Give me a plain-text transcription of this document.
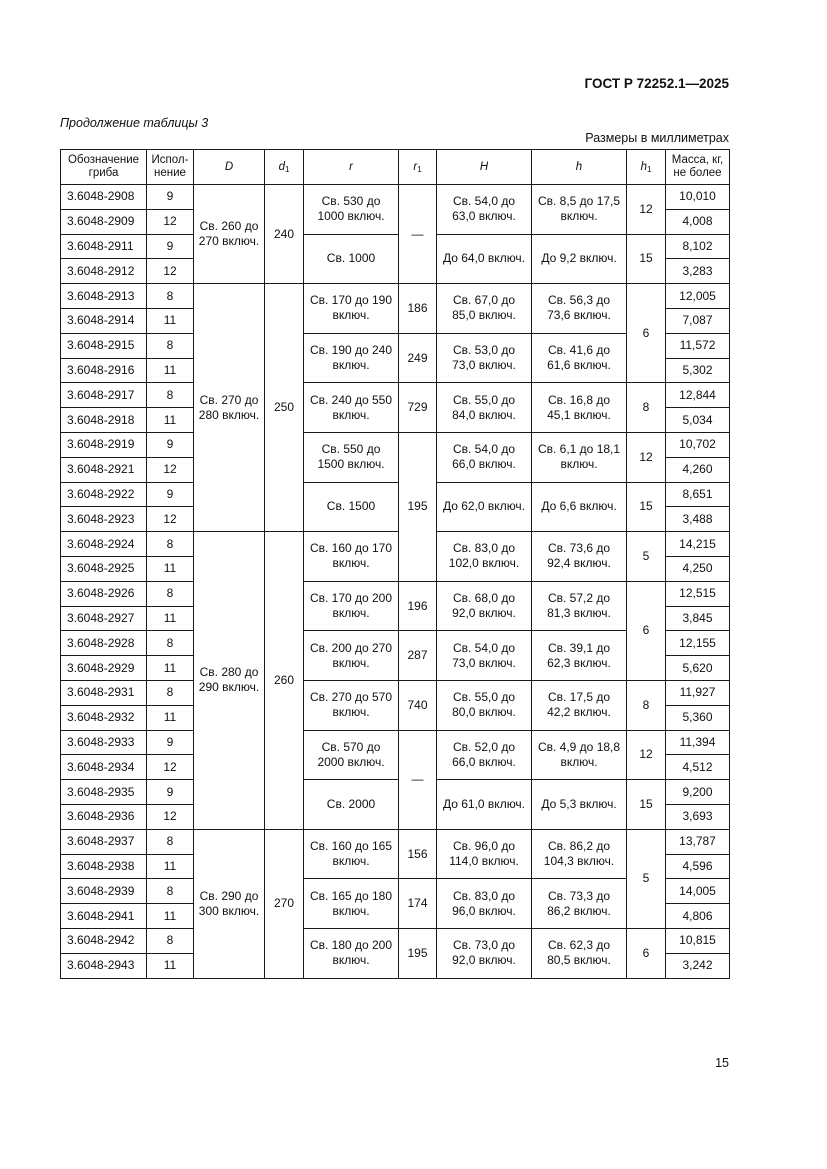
ГОСТ Р 72252.1—2025
Продолжение таблицы 3
Размеры в миллиметрах
Обозначение гриба	Испол-нение	D	$d_1$	r	$r_1$	H	h	$h_1$	Масса, кг, не более
3.6048-2908	9	Св. 260 до 270 включ.	240	Св. 530 до 1000 включ.	—	Св. 54,0 до 63,0 включ.	Св. 8,5 до 17,5 включ.	12	10,010
3.6048-2909	12								4,008
3.6048-2911	9			Св. 1000		До 64,0 включ.	До 9,2 включ.	15	8,102
3.6048-2912	12								3,283
3.6048-2913	8	Св. 270 до 280 включ.	250	Св. 170 до 190 включ.	186	Св. 67,0 до 85,0 включ.	Св. 56,3 до 73,6 включ.	6	12,005
3.6048-2914	11								7,087
3.6048-2915	8			Св. 190 до 240 включ.	249	Св. 53,0 до 73,0 включ.	Св. 41,6 до 61,6 включ.		11,572
3.6048-2916	11								5,302
3.6048-2917	8			Св. 240 до 550 включ.	729	Св. 55,0 до 84,0 включ.	Св. 16,8 до 45,1 включ.	8	12,844
3.6048-2918	11								5,034
3.6048-2919	9			Св. 550 до 1500 включ.	195	Св. 54,0 до 66,0 включ.	Св. 6,1 до 18,1 включ.	12	10,702
3.6048-2921	12								4,260
3.6048-2922	9			Св. 1500		До 62,0 включ.	До 6,6 включ.	15	8,651
3.6048-2923	12								3,488
3.6048-2924	8	Св. 280 до 290 включ.	260	Св. 160 до 170 включ.		Св. 83,0 до 102,0 включ.	Св. 73,6 до 92,4 включ.	5	14,215
3.6048-2925	11								4,250
3.6048-2926	8			Св. 170 до 200 включ.	196	Св. 68,0 до 92,0 включ.	Св. 57,2 до 81,3 включ.	6	12,515
3.6048-2927	11								3,845
3.6048-2928	8			Св. 200 до 270 включ.	287	Св. 54,0 до 73,0 включ.	Св. 39,1 до 62,3 включ.		12,155
3.6048-2929	11								5,620
3.6048-2931	8			Св. 270 до 570 включ.	740	Св. 55,0 до 80,0 включ.	Св. 17,5 до 42,2 включ.	8	11,927
3.6048-2932	11								5,360
3.6048-2933	9			Св. 570 до 2000 включ.	—	Св. 52,0 до 66,0 включ.	Св. 4,9 до 18,8 включ.	12	11,394
3.6048-2934	12								4,512
3.6048-2935	9			Св. 2000		До 61,0 включ.	До 5,3 включ.	15	9,200
3.6048-2936	12								3,693
3.6048-2937	8	Св. 290 до 300 включ.	270	Св. 160 до 165 включ.	156	Св. 96,0 до 114,0 включ.	Св. 86,2 до 104,3 включ.	5	13,787
3.6048-2938	11								4,596
3.6048-2939	8			Св. 165 до 180 включ.	174	Св. 83,0 до 96,0 включ.	Св. 73,3 до 86,2 включ.		14,005
3.6048-2941	11								4,806
3.6048-2942	8			Св. 180 до 200 включ.	195	Св. 73,0 до 92,0 включ.	Св. 62,3 до 80,5 включ.	6	10,815
3.6048-2943	11								3,242
15
